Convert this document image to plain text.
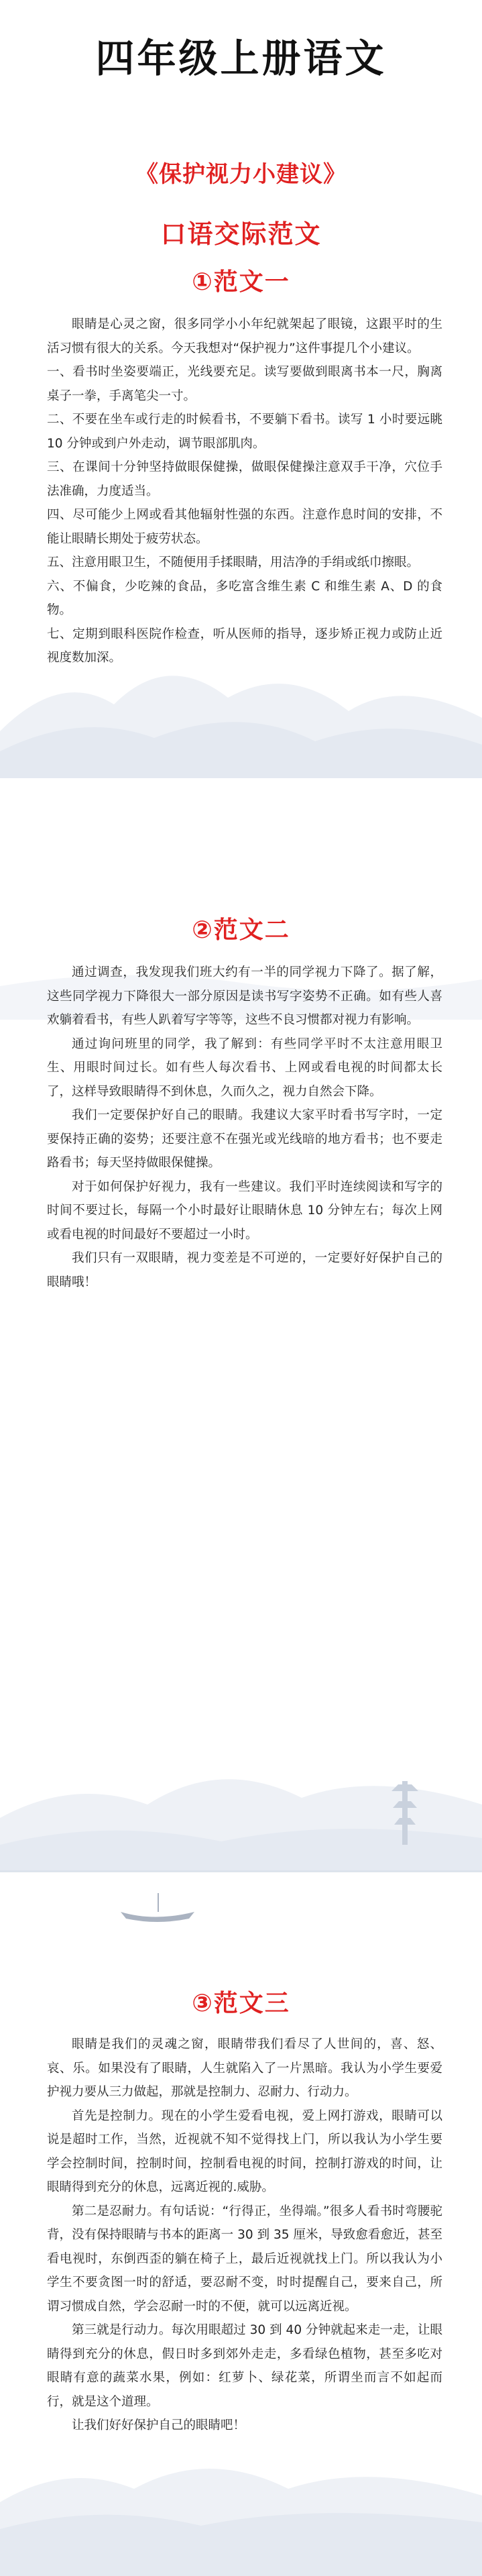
四年级上册语文
《保护视力小建议》
口语交际范文
①范文一

眼睛是心灵之窗，很多同学小小年纪就架起了眼镜，这跟平时的生活习惯有很大的关系。今天我想对“保护视力”这件事提几个小建议。

一、看书时坐姿要端正，光线要充足。读写要做到眼离书本一尺，胸离桌子一拳，手离笔尖一寸。

二、不要在坐车或行走的时候看书，不要躺下看书。读写 1 小时要远眺 10 分钟或到户外走动，调节眼部肌肉。

三、在课间十分钟坚持做眼保健操，做眼保健操注意双手干净，穴位手法准确，力度适当。

四、尽可能少上网或看其他辐射性强的东西。注意作息时间的安排，不能让眼睛长期处于疲劳状态。

五、注意用眼卫生，不随便用手揉眼睛，用洁净的手绢或纸巾擦眼。

六、不偏食，少吃辣的食品，多吃富含维生素 C 和维生素 A、D 的食物。

七、定期到眼科医院作检查，听从医师的指导，逐步矫正视力或防止近视度数加深。

②范文二

通过调查，我发现我们班大约有一半的同学视力下降了。据了解，这些同学视力下降很大一部分原因是读书写字姿势不正确。如有些人喜欢躺着看书，有些人趴着写字等等，这些不良习惯都对视力有影响。

通过询问班里的同学，我了解到：有些同学平时不太注意用眼卫生、用眼时间过长。如有些人每次看书、上网或看电视的时间都太长了，这样导致眼睛得不到休息，久而久之，视力自然会下降。

我们一定要保护好自己的眼睛。我建议大家平时看书写字时，一定要保持正确的姿势；还要注意不在强光或光线暗的地方看书；也不要走路看书；每天坚持做眼保健操。

对于如何保护好视力，我有一些建议。我们平时连续阅读和写字的时间不要过长，每隔一个小时最好让眼睛休息 10 分钟左右；每次上网或看电视的时间最好不要超过一小时。

我们只有一双眼睛，视力变差是不可逆的，一定要好好保护自己的眼睛哦！

③范文三

眼睛是我们的灵魂之窗，眼睛带我们看尽了人世间的，喜、怒、哀、乐。如果没有了眼睛，人生就陷入了一片黑暗。我认为小学生要爱护视力要从三力做起，那就是控制力、忍耐力、行动力。

首先是控制力。现在的小学生爱看电视，爱上网打游戏，眼睛可以说是超时工作，当然，近视就不知不觉得找上门，所以我认为小学生要学会控制时间，控制时间，控制看电视的时间，控制打游戏的时间，让眼睛得到充分的休息，远离近视的.威胁。

第二是忍耐力。有句话说：“行得正，坐得端。”很多人看书时弯腰驼背，没有保持眼睛与书本的距离一 30 到 35 厘米，导致愈看愈近，甚至看电视时，东倒西歪的躺在椅子上，最后近视就找上门。所以我认为小学生不要贪图一时的舒适，要忍耐不变，时时提醒自己，要来自己，所谓习惯成自然，学会忍耐一时的不便，就可以远离近视。

第三就是行动力。每次用眼超过 30 到 40 分钟就起来走一走，让眼睛得到充分的休息，假日时多到郊外走走，多看绿色植物，甚至多吃对眼睛有意的蔬菜水果，例如：红萝卜、绿花菜，所谓坐而言不如起而行，就是这个道理。

让我们好好保护自己的眼睛吧！
